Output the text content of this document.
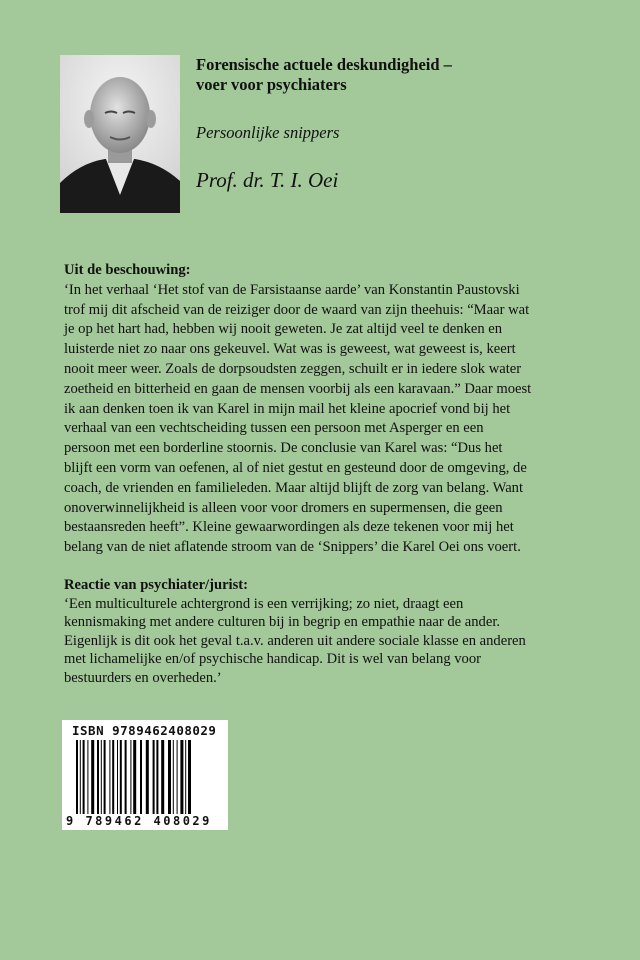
Forensische actuele deskundigheid –
voer voor psychiaters
Persoonlijke snippers
Prof. dr. T. I. Oei
Uit de beschouwing:

‘In het verhaal ‘Het stof van de Farsistaanse aarde’ van Konstantin Paustovski
trof mij dit afscheid van de reiziger door de waard van zijn theehuis: “Maar wat
je op het hart had, hebben wij nooit geweten. Je zat altijd veel te denken en
luisterde niet zo naar ons gekeuvel. Wat was is geweest, wat geweest is, keert
nooit meer weer. Zoals de dorpsoudsten zeggen, schuilt er in iedere slok water
zoetheid en bitterheid en gaan de mensen voorbij als een karavaan.” Daar moest
ik aan denken toen ik van Karel in mijn mail het kleine apocrief vond bij het
verhaal van een vechtscheiding tussen een persoon met Asperger en een
persoon met een borderline stoornis. De conclusie van Karel was: “Dus het
blijft een vorm van oefenen, al of niet gestut en gesteund door de omgeving, de
coach, de vrienden en familieleden. Maar altijd blijft de zorg van belang. Want
onoverwinnelijkheid is alleen voor voor dromers en supermensen, die geen
bestaansreden heeft”. Kleine gewaarwordingen als deze tekenen voor mij het
belang van de niet aflatende stroom van de ‘Snippers’ die Karel Oei ons voert.

Reactie van psychiater/jurist:

‘Een multiculturele achtergrond is een verrijking; zo niet, draagt een
kennismaking met andere culturen bij in begrip en empathie naar de ander.
Eigenlijk is dit ook het geval t.a.v. anderen uit andere sociale klasse en anderen
met lichamelijke en/of psychische handicap. Dit is wel van belang voor
bestuurders en overheden.’

ISBN 9789462408029
9 789462 408029
